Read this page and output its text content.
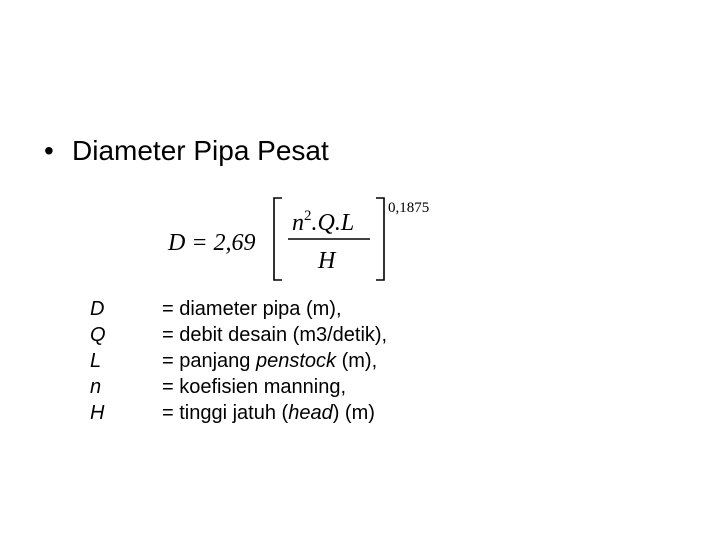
• Diameter Pipa Pesat
D = 2,69
$n^2.Q.L$
H
0,1875
D	= diameter pipa (m),
Q	= debit desain (m3/detik),
L	= panjang penstock (m),
n	= koefisien manning,
H	= tinggi jatuh (head) (m)
